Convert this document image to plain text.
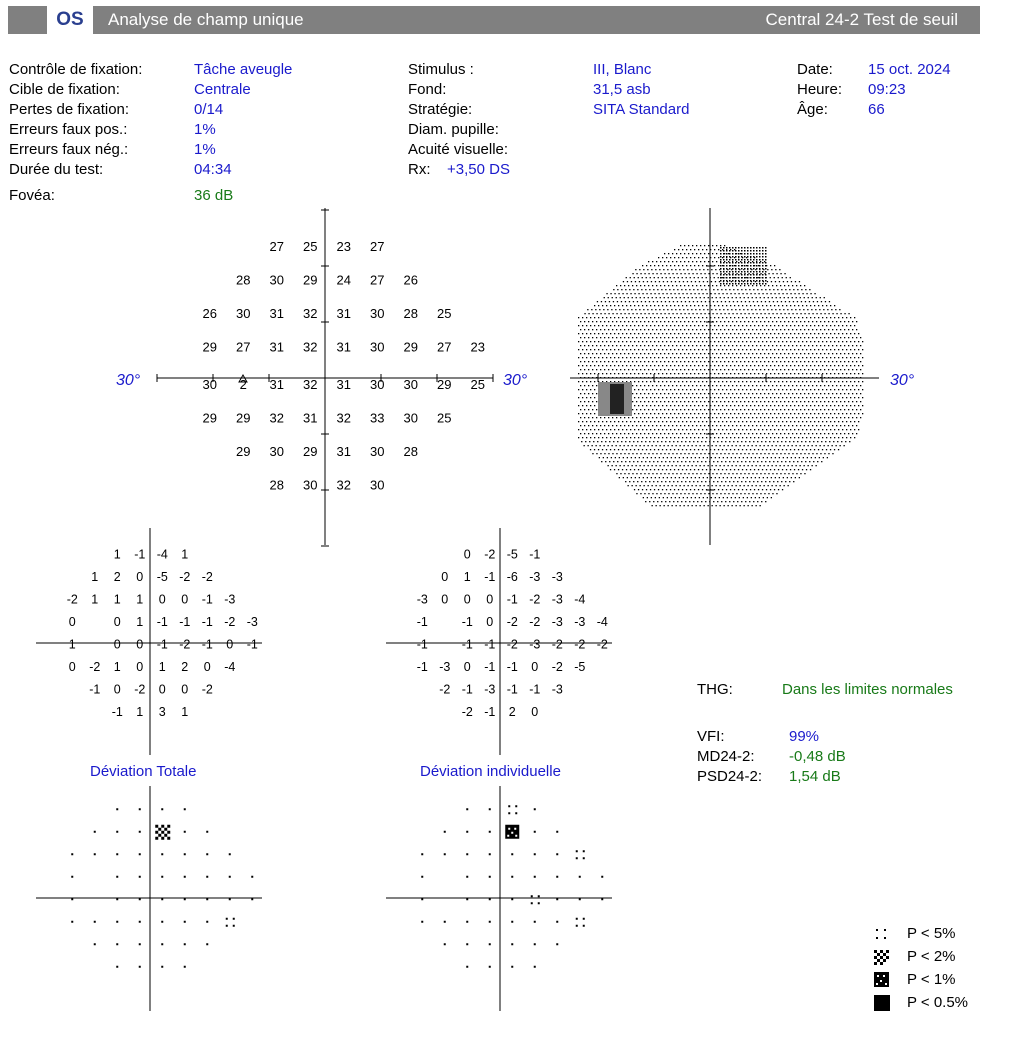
OS	Analyse de champ unique	Central 24-2 Test de seuil
Contrôle de fixation:	Tâche aveugle
Cible de fixation:	Centrale
Pertes de fixation:	0/14
Erreurs faux pos.:	1%
Erreurs faux nég.:	1%
Durée du test:	04:34
Fovéa:	36 dB
Stimulus :	III, Blanc
Fond:	31,5 asb
Stratégie:	SITA Standard
Diam. pupille:
Acuité visuelle:
Rx: +3,50 DS
Date: 15 oct. 2024
Heure: 09:23
Âge:	66
30°	30°	30°
27 25 23 27
28 30 29 24 27 26
26 30 31 32 31 30 28 25
29 27 31 32 31 30 29 27 23
30 2 31 32 31 30 30 29 25
29 29 32 31 32 33 30 25
29 30 29 31 30 28
28 30 32 30
1 -1 -4 1
1 2 0 -5 -2 -2
-2 1 1 1 0 0 -1 -3
0	0 1 -1 -1 -1 -2 -3
1	0 0 -1 -2 -1 0 -1
0 -2 1 0 1 2 0 -4
-1 0 -2 0 0 -2
-1 1 3 1
Déviation Totale
0 -2 -5 -1
0 1 -1 -6 -3 -3
-3 0 0 0 -1 -2 -3 -4
-1	-1 0 -2 -2 -3 -3 -4
-1	-1 -1 -2 -3 -2 -2 -2
-1 -3 0 -1 -1 0 -2 -5
-2 -1 -3 -1 -1 -3
-2 -1 2 0
Déviation individuelle
THG:	Dans les limites normales
VFI:	99%
MD24-2: -0,48 dB
PSD24-2: 1,54 dB
P < 5%
P < 2%
P < 1%
P < 0.5%
